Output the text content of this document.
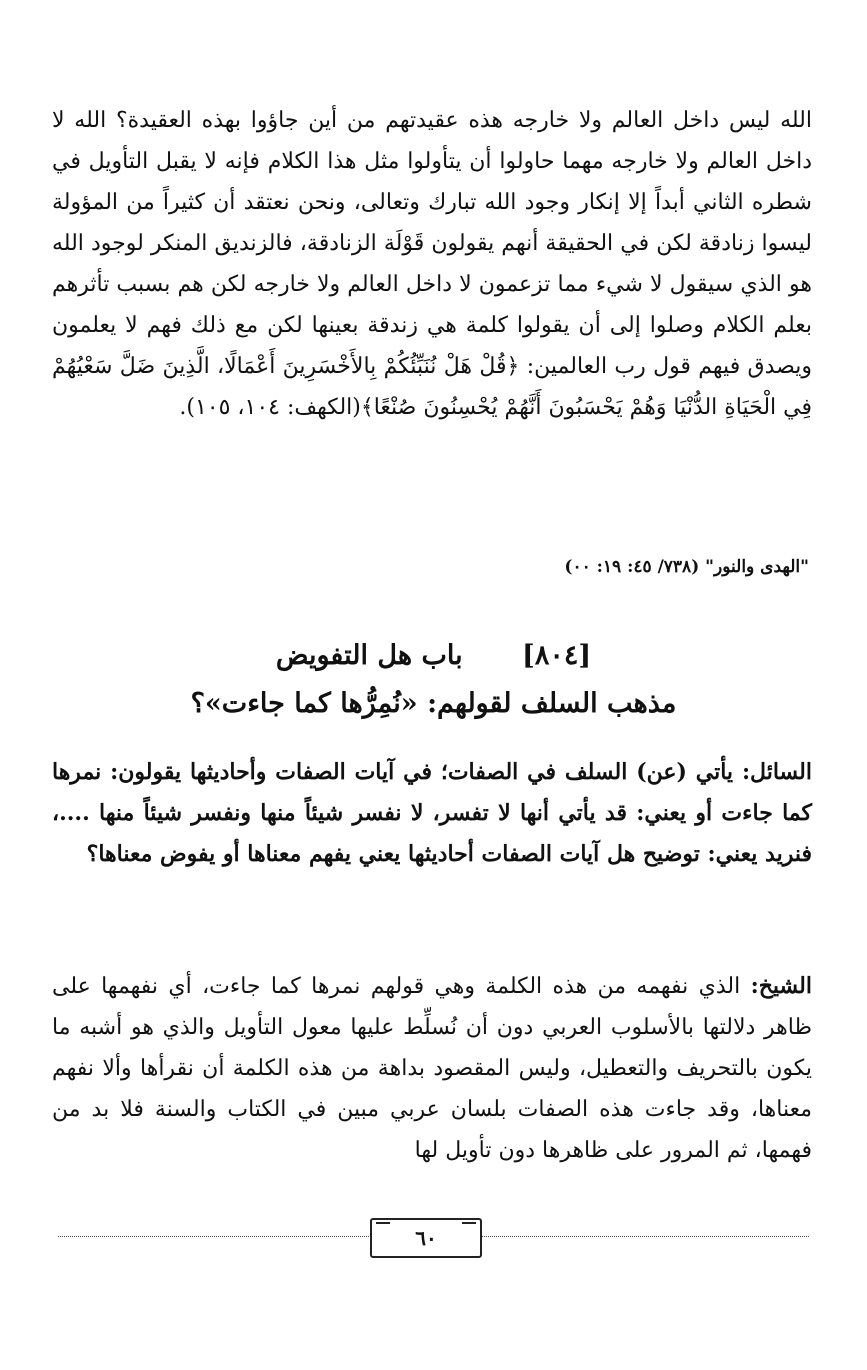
الله ليس داخل العالم ولا خارجه هذه عقيدتهم من أين جاؤوا بهذه العقيدة؟ الله لا داخل العالم ولا خارجه مهما حاولوا أن يتأولوا مثل هذا الكلام فإنه لا يقبل التأويل في شطره الثاني أبداً إلا إنكار وجود الله تبارك وتعالى، ونحن نعتقد أن كثيراً من المؤولة ليسوا زنادقة لكن في الحقيقة أنهم يقولون قَوْلَة الزنادقة، فالزنديق المنكر لوجود الله هو الذي سيقول لا شيء مما تزعمون لا داخل العالم ولا خارجه لكن هم بسبب تأثرهم بعلم الكلام وصلوا إلى أن يقولوا كلمة هي زندقة بعينها لكن مع ذلك فهم لا يعلمون ويصدق فيهم قول رب العالمين: ﴿قُلْ هَلْ نُنَبِّئُكُمْ بِالأَخْسَرِينَ أَعْمَالًا، الَّذِينَ ضَلَّ سَعْيُهُمْ فِي الْحَيَاةِ الدُّنْيَا وَهُمْ يَحْسَبُونَ أَنَّهُمْ يُحْسِنُونَ صُنْعًا﴾(الكهف: ١٠٤، ١٠٥).

"الهدى والنور" (٧٣٨/ ٤٥: ١٩: ٠٠)

[٨٠٤] باب هل التفويض
مذهب السلف لقولهم: «نُمِرُّها كما جاءت»؟

السائل: يأتي (عن) السلف في الصفات؛ في آيات الصفات وأحاديثها يقولون: نمرها كما جاءت أو يعني: قد يأتي أنها لا تفسر، لا نفسر شيئاً منها ونفسر شيئاً منها ....، فنريد يعني: توضيح هل آيات الصفات أحاديثها يعني يفهم معناها أو يفوض معناها؟

الشيخ: الذي نفهمه من هذه الكلمة وهي قولهم نمرها كما جاءت، أي نفهمها على ظاهر دلالتها بالأسلوب العربي دون أن نُسلِّط عليها معول التأويل والذي هو أشبه ما يكون بالتحريف والتعطيل، وليس المقصود بداهة من هذه الكلمة أن نقرأها وألا نفهم معناها، وقد جاءت هذه الصفات بلسان عربي مبين في الكتاب والسنة فلا بد من فهمها، ثم المرور على ظاهرها دون تأويل لها

٦٠
